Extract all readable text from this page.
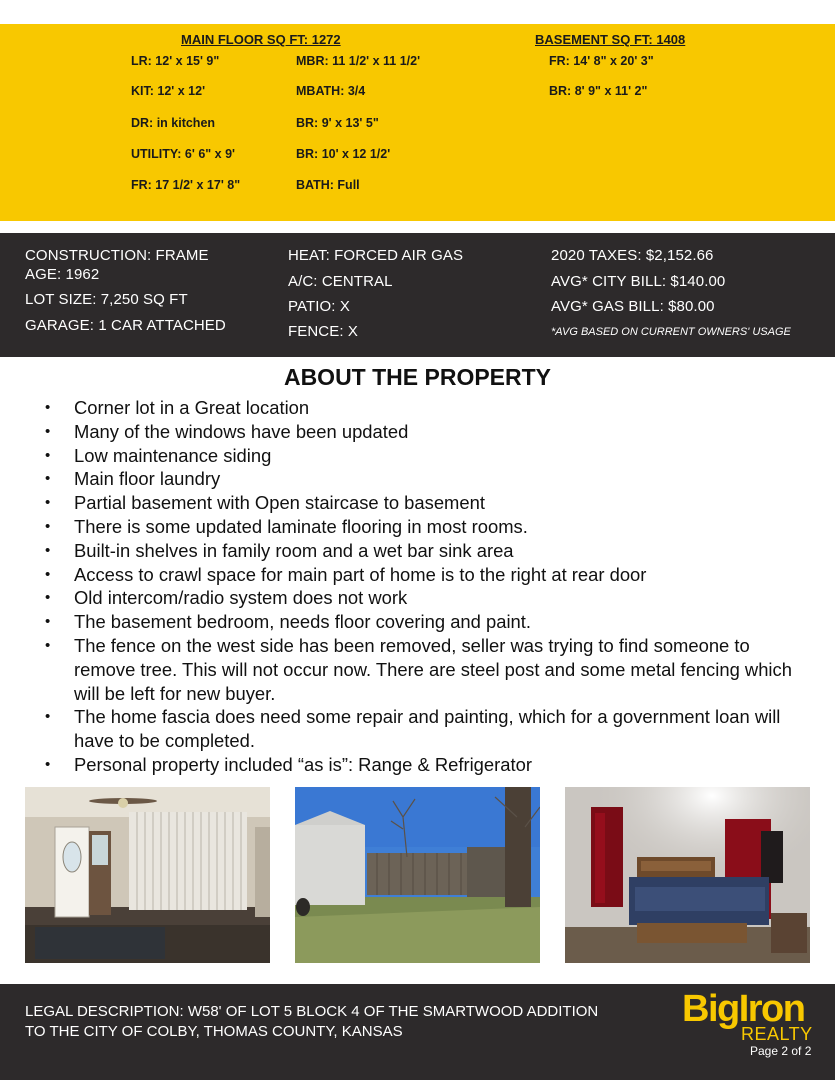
MAIN FLOOR SQ FT: 1272	BASEMENT SQ FT: 1408
LR: 12' x 15' 9"
KIT: 12' x 12'
DR: in kitchen
UTILITY: 6' 6" x 9'
FR: 17 1/2' x 17' 8"
MBR: 11 1/2' x 11 1/2'
MBATH: 3/4
BR: 9' x 13' 5"
BR: 10' x 12 1/2'
BATH: Full
FR: 14' 8" x 20' 3"
BR: 8' 9" x 11' 2"
CONSTRUCTION: FRAME
AGE: 1962
LOT SIZE: 7,250 SQ FT
GARAGE: 1 CAR ATTACHED
HEAT: FORCED AIR GAS
A/C: CENTRAL
PATIO: X
FENCE: X
2020 TAXES: $2,152.66
AVG* CITY BILL: $140.00
AVG* GAS BILL: $80.00
*AVG BASED ON CURRENT OWNERS' USAGE
ABOUT THE PROPERTY
• Corner lot in a Great location
• Many of the windows have been updated
• Low maintenance siding
• Main floor laundry
• Partial basement with Open staircase to basement
• There is some updated laminate flooring in most rooms.
• Built-in shelves in family room and a wet bar sink area
• Access to crawl space for main part of home is to the right at rear door
• Old intercom/radio system does not work
• The basement bedroom, needs floor covering and paint.
• The fence on the west side has been removed, seller was trying to find someone to remove tree. This will not occur now. There are steel post and some metal fencing which will be left for new buyer.
• The home fascia does need some repair and painting, which for a government loan will have to be completed.
• Personal property included “as is”: Range & Refrigerator
LEGAL DESCRIPTION: W58' OF LOT 5 BLOCK 4 OF THE SMARTWOOD ADDITION
TO THE CITY OF COLBY, THOMAS COUNTY, KANSAS
BigIron
REALTY
Page 2 of 2
